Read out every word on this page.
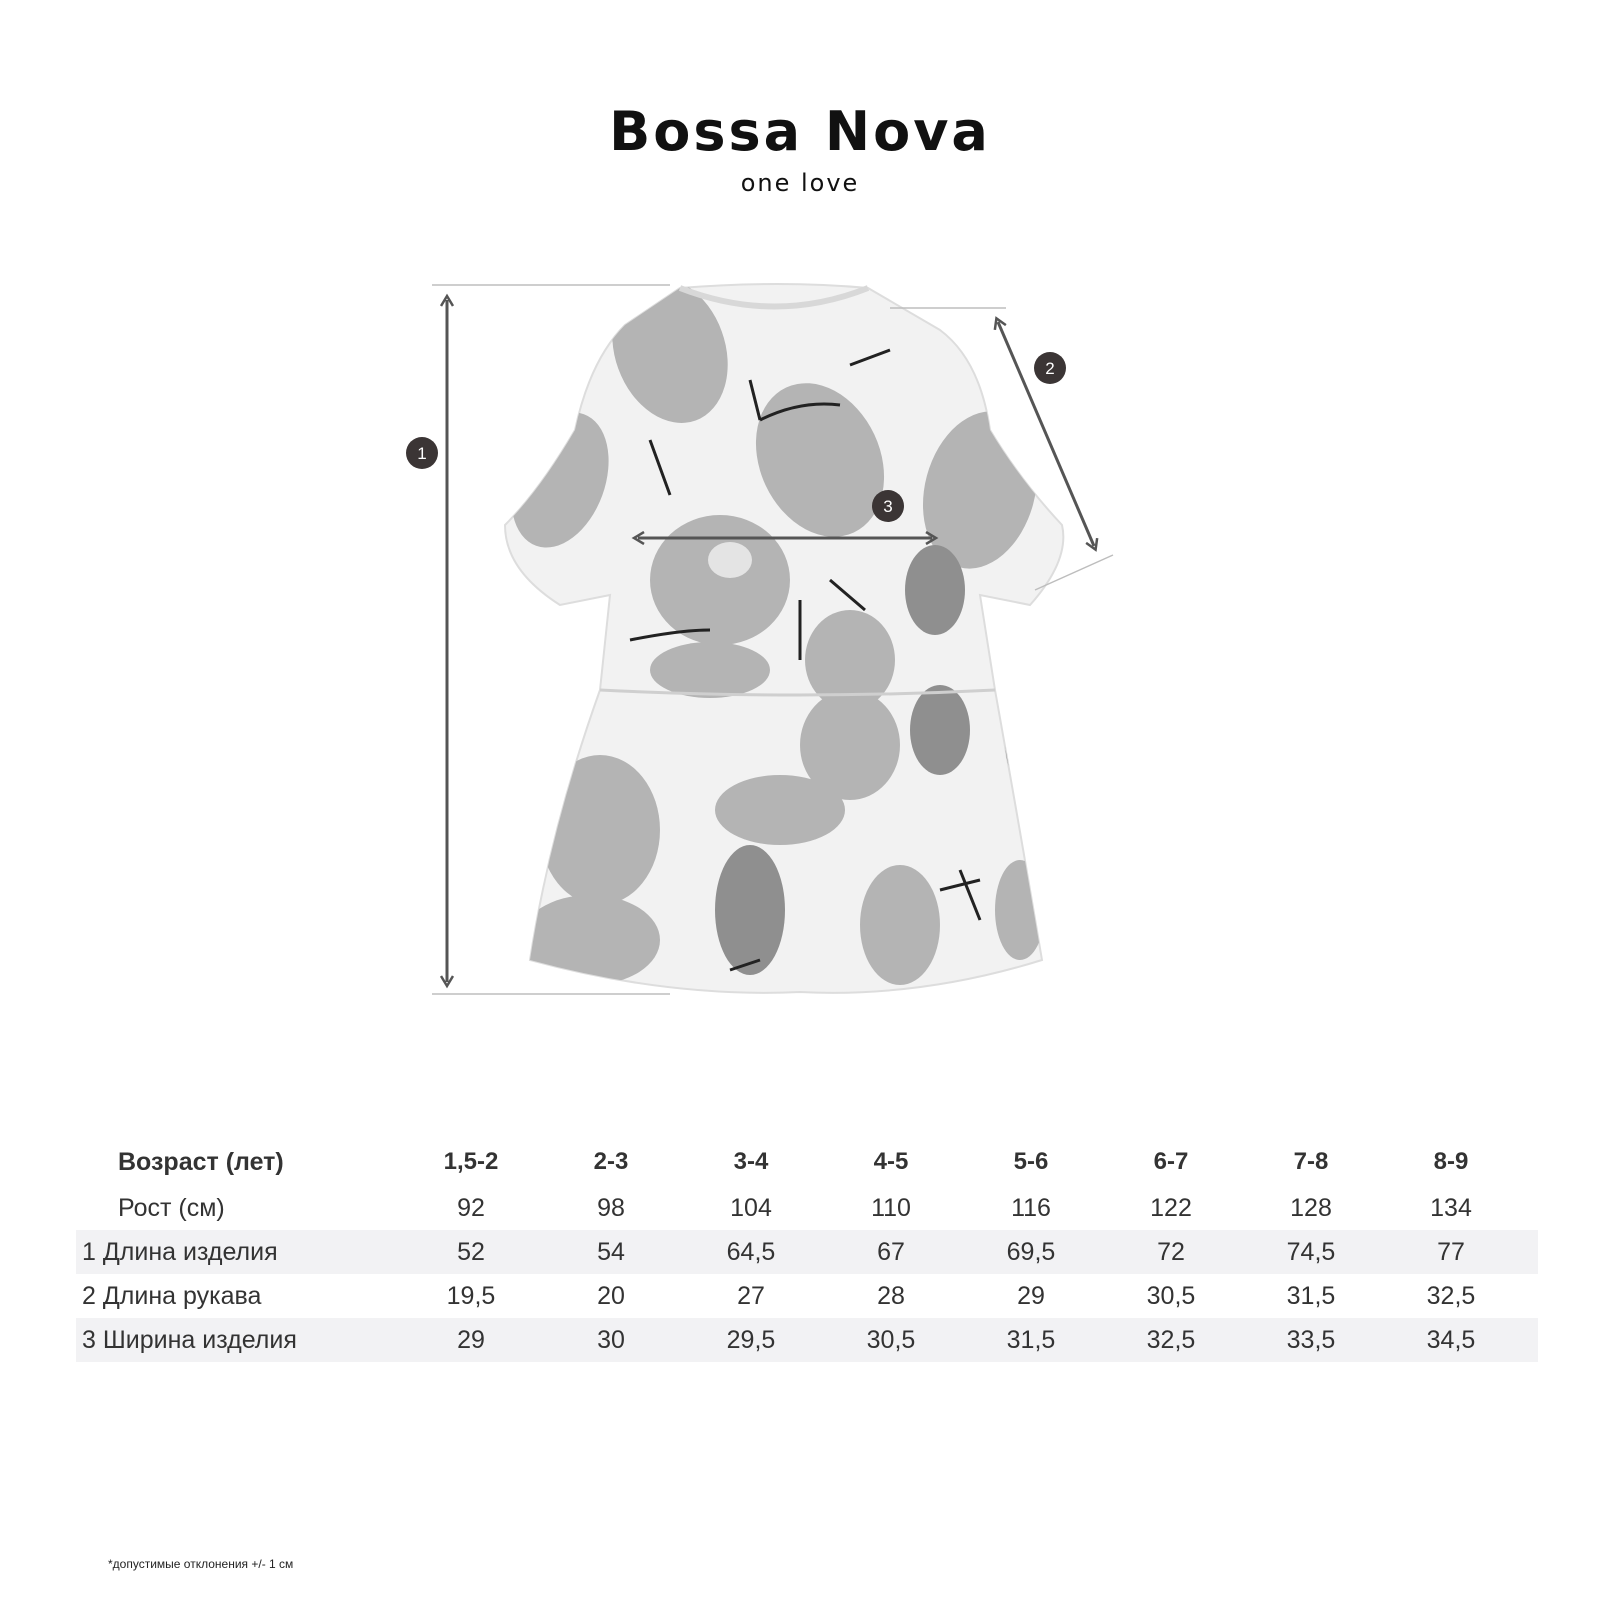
Bossa Nova
one love
1
2
3
Возраст (лет)	1,5-2	2-3	3-4	4-5	5-6	6-7	7-8	8-9
Рост (см)	92	98	104	110	116	122	128	134
1 Длина изделия	52	54	64,5	67	69,5	72	74,5	77
2 Длина рукава	19,5	20	27	28	29	30,5	31,5	32,5
3 Ширина изделия	29	30	29,5	30,5	31,5	32,5	33,5	34,5
*допустимые отклонения +/- 1 см
